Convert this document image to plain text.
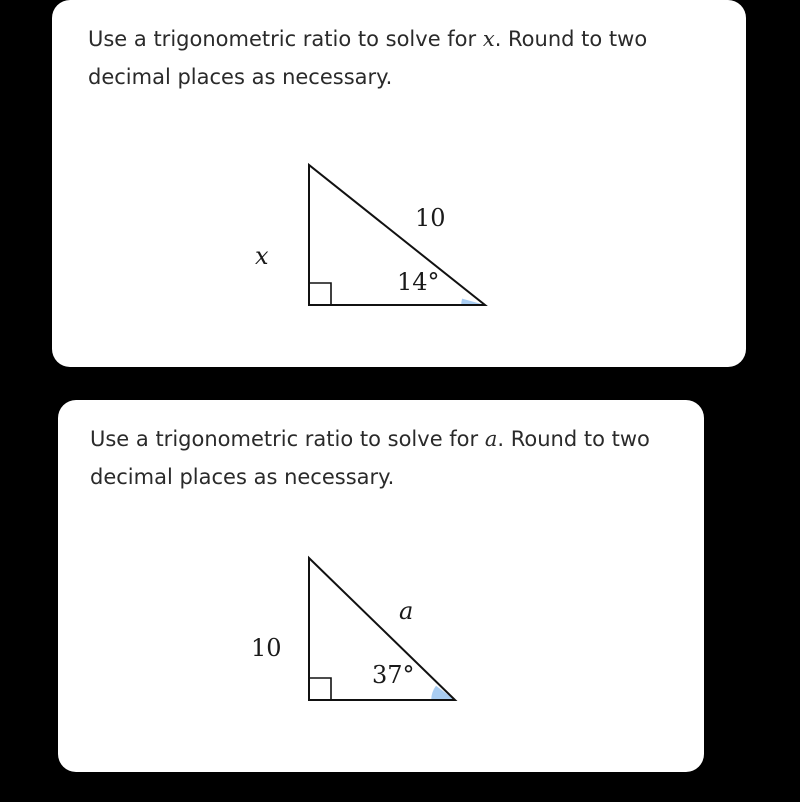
Use a trigonometric ratio to solve for x. Round to two decimal places as necessary.

x
10
14°

Use a trigonometric ratio to solve for a. Round to two decimal places as necessary.

10
a
37°
